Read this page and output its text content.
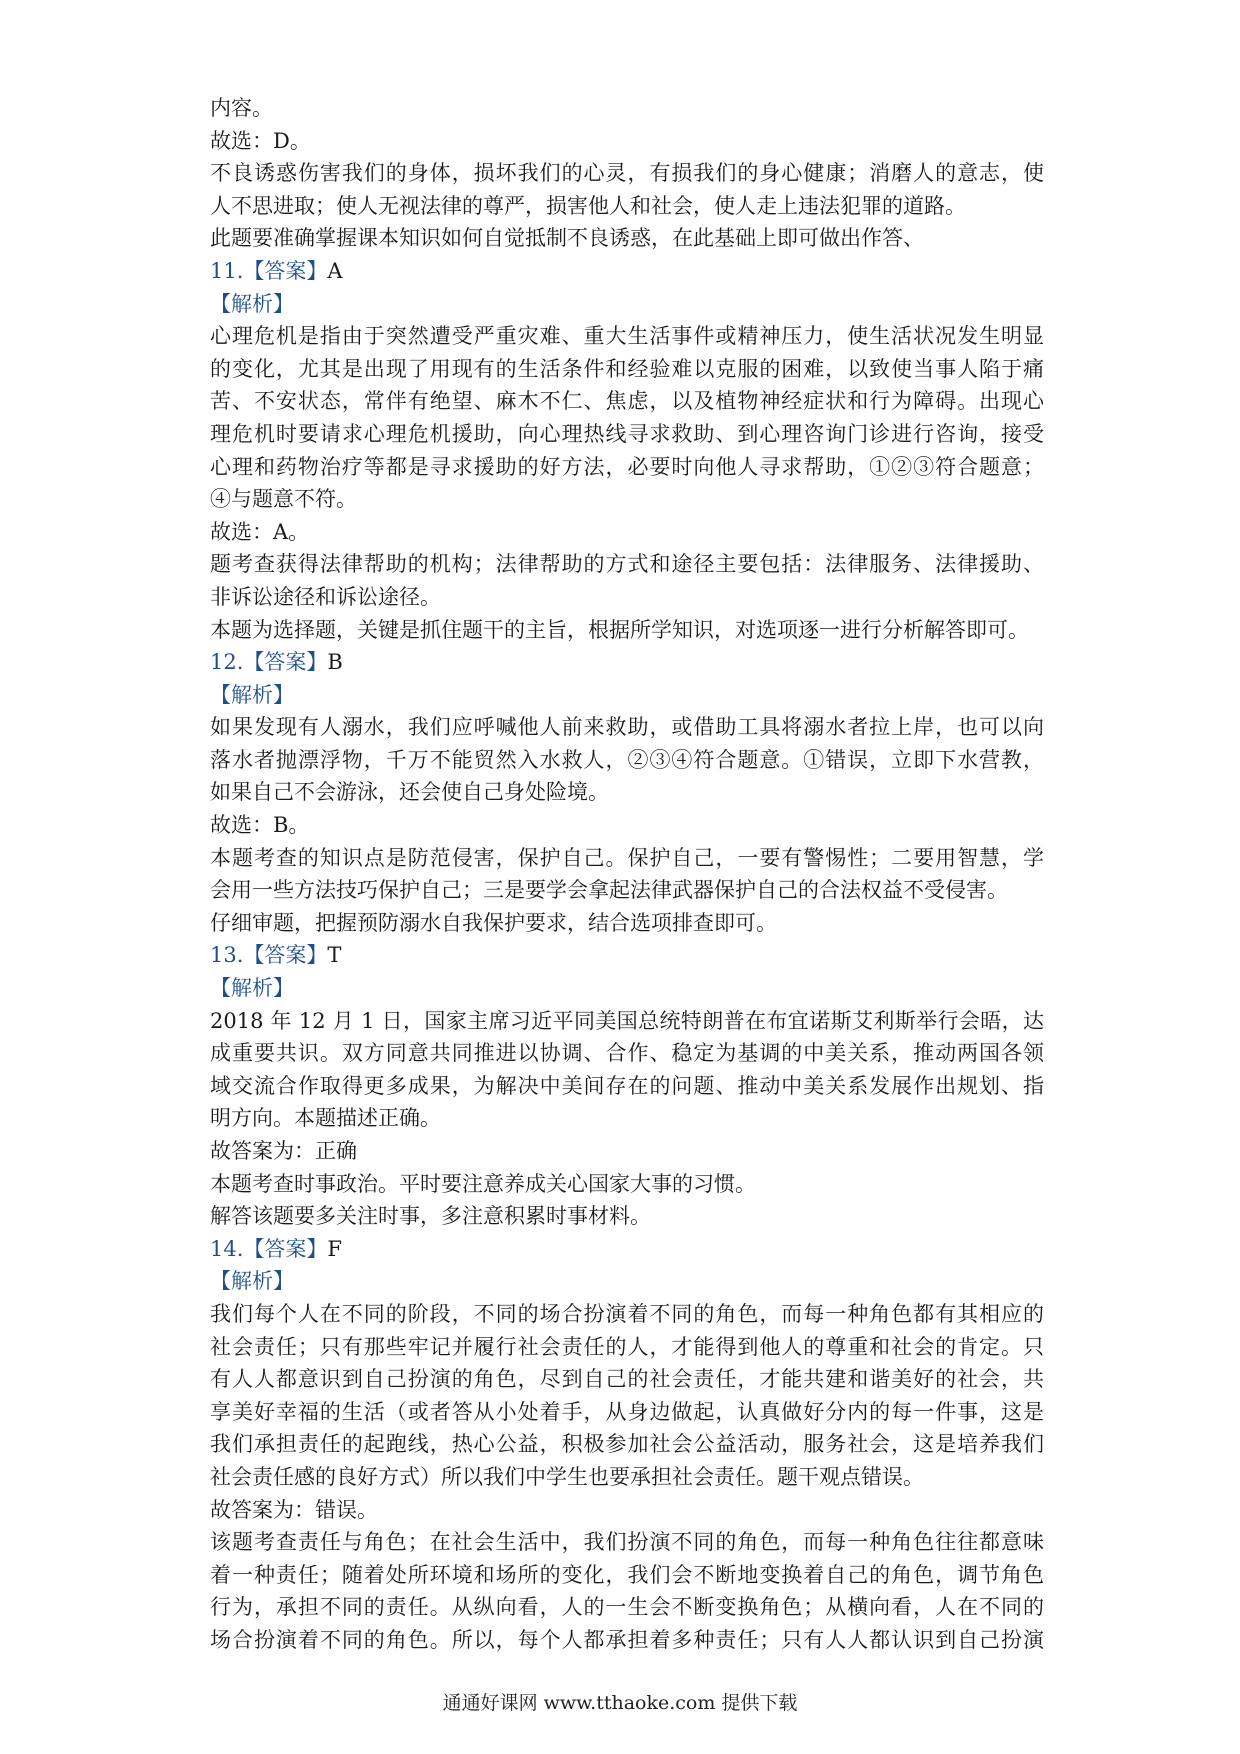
内容。
故选：D。
不良诱惑伤害我们的身体，损坏我们的心灵，有损我们的身心健康；消磨人的意志，使
人不思进取；使人无视法律的尊严，损害他人和社会，使人走上违法犯罪的道路。
此题要准确掌握课本知识如何自觉抵制不良诱惑，在此基础上即可做出作答、
11.【答案】A
【解析】
心理危机是指由于突然遭受严重灾难、重大生活事件或精神压力，使生活状况发生明显
的变化，尤其是出现了用现有的生活条件和经验难以克服的困难，以致使当事人陷于痛
苦、不安状态，常伴有绝望、麻木不仁、焦虑，以及植物神经症状和行为障碍。出现心
理危机时要请求心理危机援助，向心理热线寻求救助、到心理咨询门诊进行咨询，接受
心理和药物治疗等都是寻求援助的好方法，必要时向他人寻求帮助，①②③符合题意；
④与题意不符。
故选：A。
题考查获得法律帮助的机构；法律帮助的方式和途径主要包括：法律服务、法律援助、
非诉讼途径和诉讼途径。
本题为选择题，关键是抓住题干的主旨，根据所学知识，对选项逐一进行分析解答即可。
12.【答案】B
【解析】
如果发现有人溺水，我们应呼喊他人前来救助，或借助工具将溺水者拉上岸，也可以向
落水者抛漂浮物，千万不能贸然入水救人，②③④符合题意。①错误，立即下水营教，
如果自己不会游泳，还会使自己身处险境。
故选：B。
本题考查的知识点是防范侵害，保护自己。保护自己，一要有警惕性；二要用智慧，学
会用一些方法技巧保护自己；三是要学会拿起法律武器保护自己的合法权益不受侵害。
仔细审题，把握预防溺水自我保护要求，结合选项排查即可。
13.【答案】T
【解析】
2018 年 12 月 1 日，国家主席习近平同美国总统特朗普在布宜诺斯艾利斯举行会晤，达
成重要共识。双方同意共同推进以协调、合作、稳定为基调的中美关系，推动两国各领
域交流合作取得更多成果，为解决中美间存在的问题、推动中美关系发展作出规划、指
明方向。本题描述正确。
故答案为：正确
本题考查时事政治。平时要注意养成关心国家大事的习惯。
解答该题要多关注时事，多注意积累时事材料。
14.【答案】F
【解析】
我们每个人在不同的阶段，不同的场合扮演着不同的角色，而每一种角色都有其相应的
社会责任；只有那些牢记并履行社会责任的人，才能得到他人的尊重和社会的肯定。只
有人人都意识到自己扮演的角色，尽到自己的社会责任，才能共建和谐美好的社会，共
享美好幸福的生活（或者答从小处着手，从身边做起，认真做好分内的每一件事，这是
我们承担责任的起跑线，热心公益，积极参加社会公益活动，服务社会，这是培养我们
社会责任感的良好方式）所以我们中学生也要承担社会责任。题干观点错误。
故答案为：错误。
该题考查责任与角色；在社会生活中，我们扮演不同的角色，而每一种角色往往都意味
着一种责任；随着处所环境和场所的变化，我们会不断地变换着自己的角色，调节角色
行为，承担不同的责任。从纵向看，人的一生会不断变换角色；从横向看，人在不同的
场合扮演着不同的角色。所以，每个人都承担着多种责任；只有人人都认识到自己扮演
通通好课网 www.tthaoke.com 提供下载
